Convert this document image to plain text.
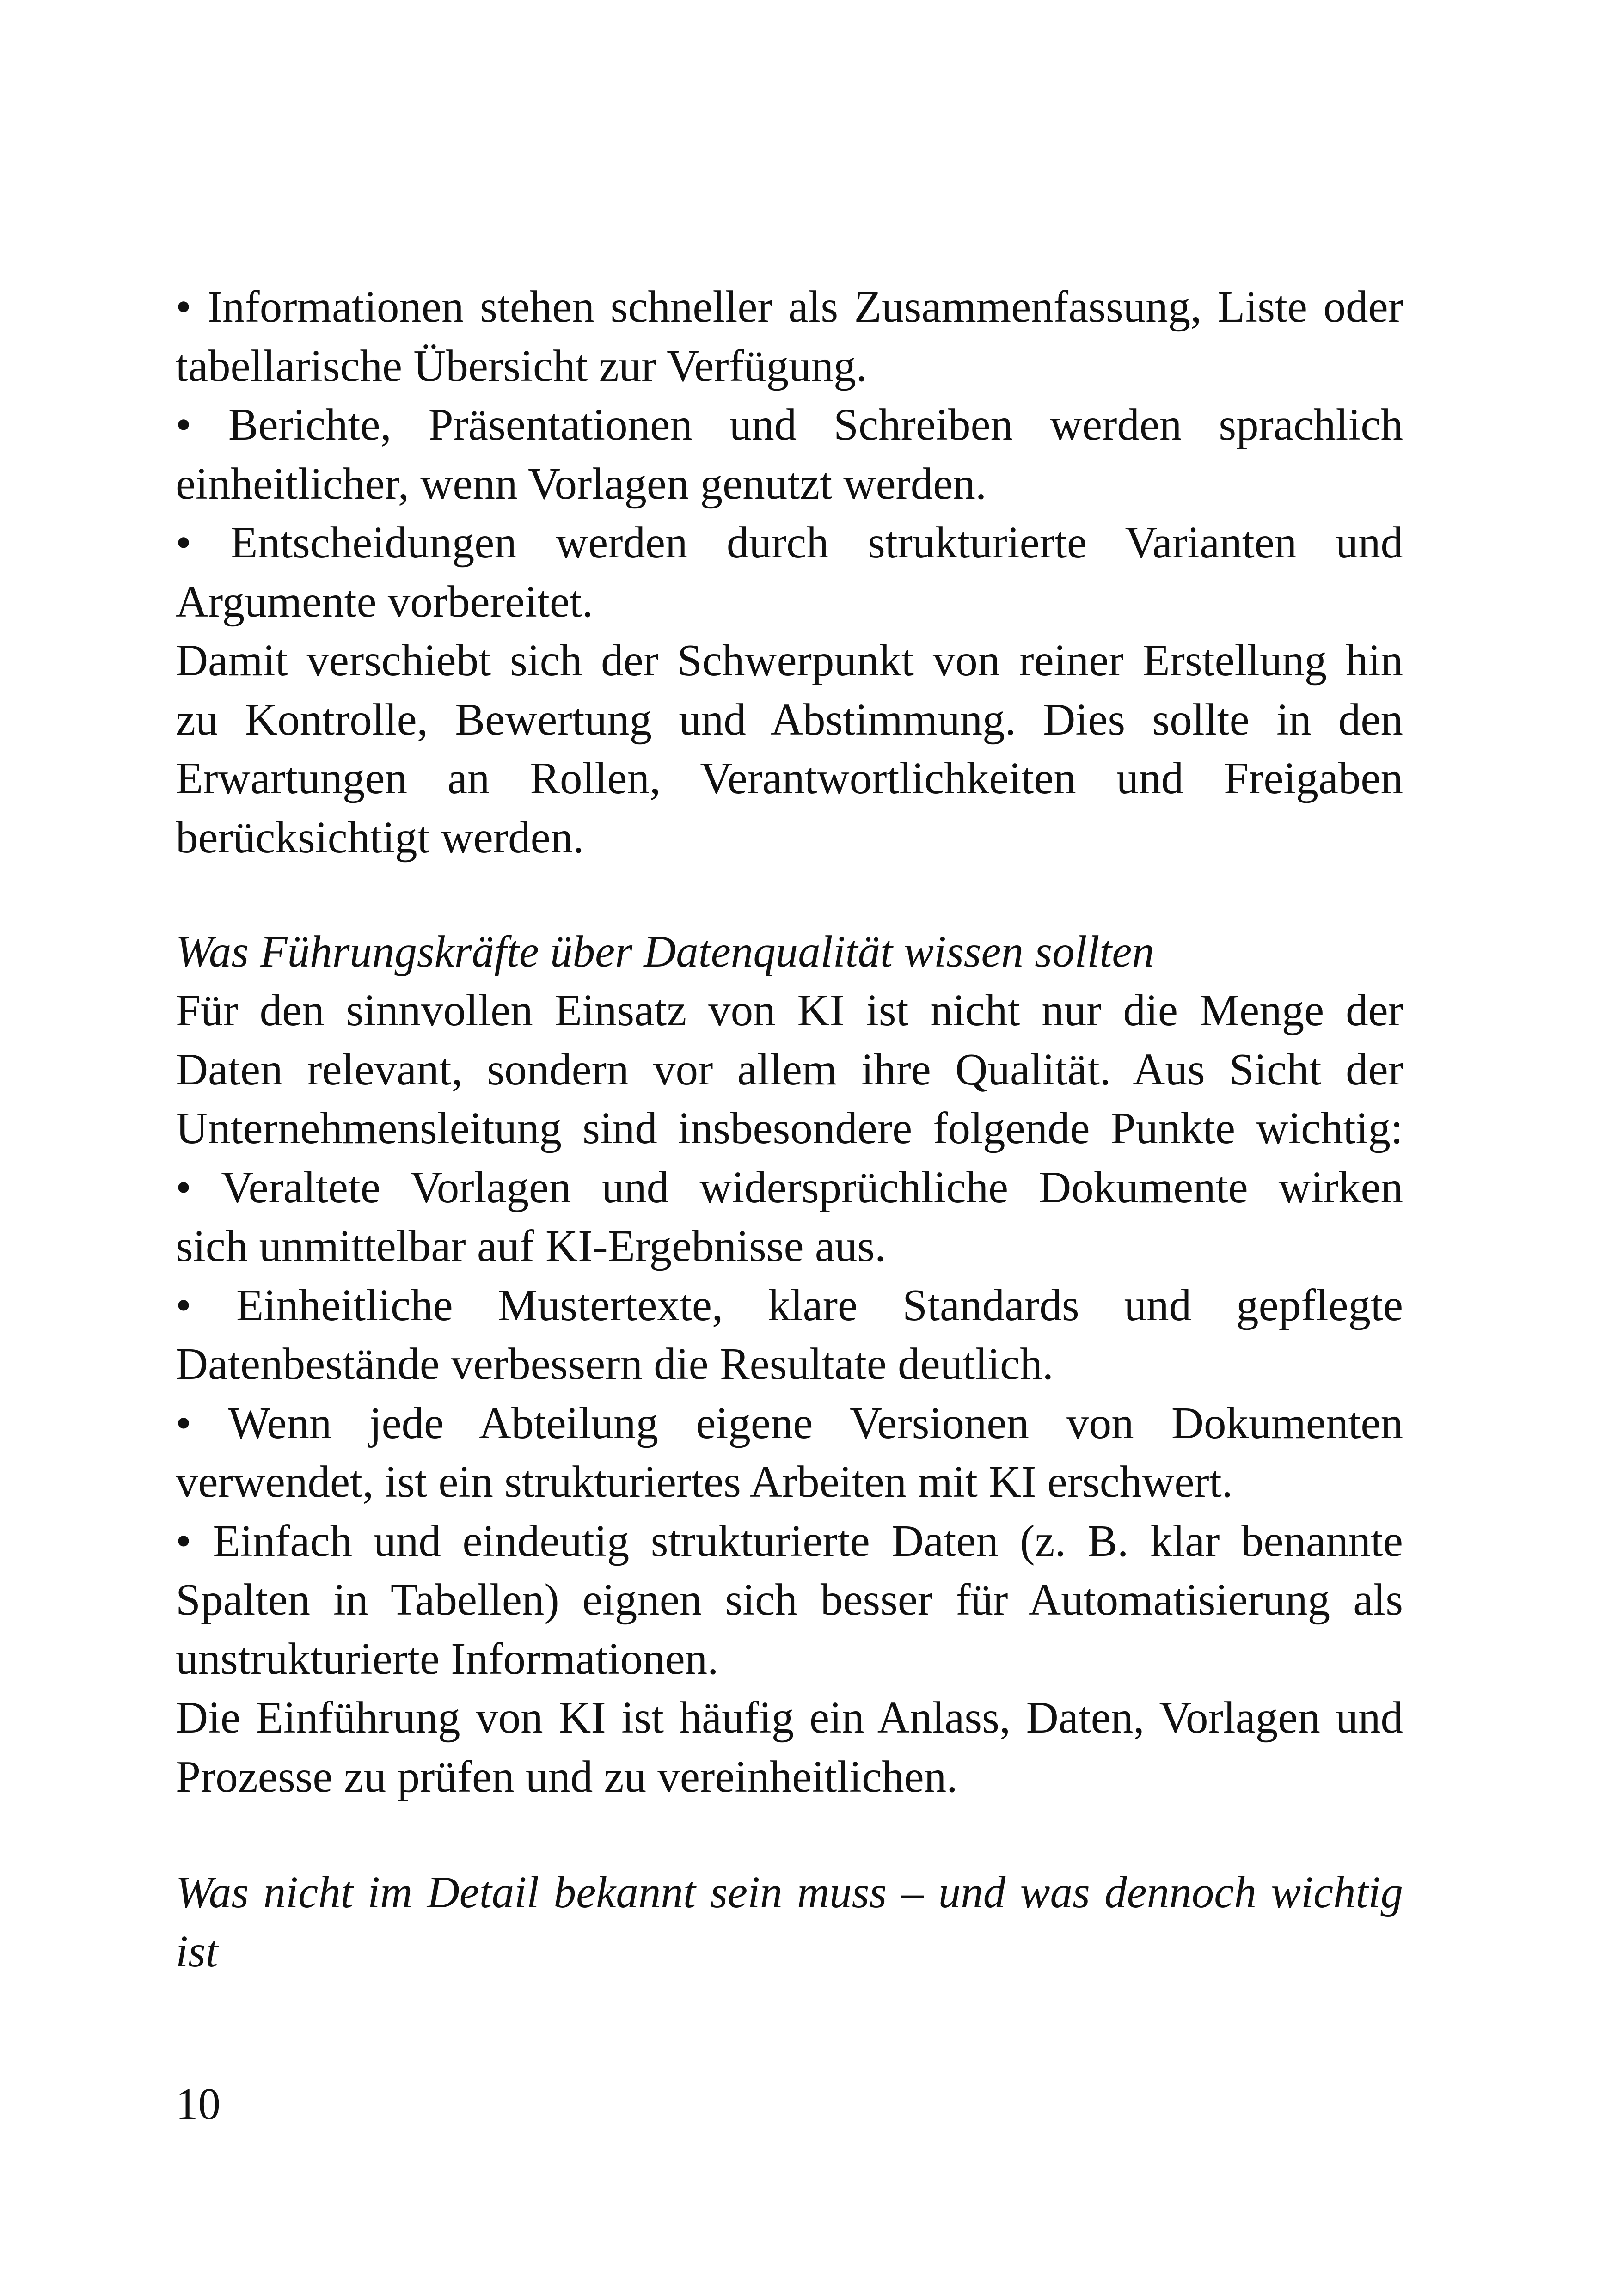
• Informationen stehen schneller als Zusammenfassung, Liste oder
tabellarische Übersicht zur Verfügung.
• Berichte, Präsentationen und Schreiben werden sprachlich
einheitlicher, wenn Vorlagen genutzt werden.
• Entscheidungen werden durch strukturierte Varianten und
Argumente vorbereitet.
Damit verschiebt sich der Schwerpunkt von reiner Erstellung hin
zu Kontrolle, Bewertung und Abstimmung. Dies sollte in den
Erwartungen an Rollen, Verantwortlichkeiten und Freigaben
berücksichtigt werden.
Was Führungskräfte über Datenqualität wissen sollten
Für den sinnvollen Einsatz von KI ist nicht nur die Menge der
Daten relevant, sondern vor allem ihre Qualität. Aus Sicht der
Unternehmensleitung sind insbesondere folgende Punkte wichtig:
• Veraltete Vorlagen und widersprüchliche Dokumente wirken
sich unmittelbar auf KI-Ergebnisse aus.
• Einheitliche Mustertexte, klare Standards und gepflegte
Datenbestände verbessern die Resultate deutlich.
• Wenn jede Abteilung eigene Versionen von Dokumenten
verwendet, ist ein strukturiertes Arbeiten mit KI erschwert.
• Einfach und eindeutig strukturierte Daten (z. B. klar benannte
Spalten in Tabellen) eignen sich besser für Automatisierung als
unstrukturierte Informationen.
Die Einführung von KI ist häufig ein Anlass, Daten, Vorlagen und
Prozesse zu prüfen und zu vereinheitlichen.
Was nicht im Detail bekannt sein muss – und was dennoch wichtig
ist
10
